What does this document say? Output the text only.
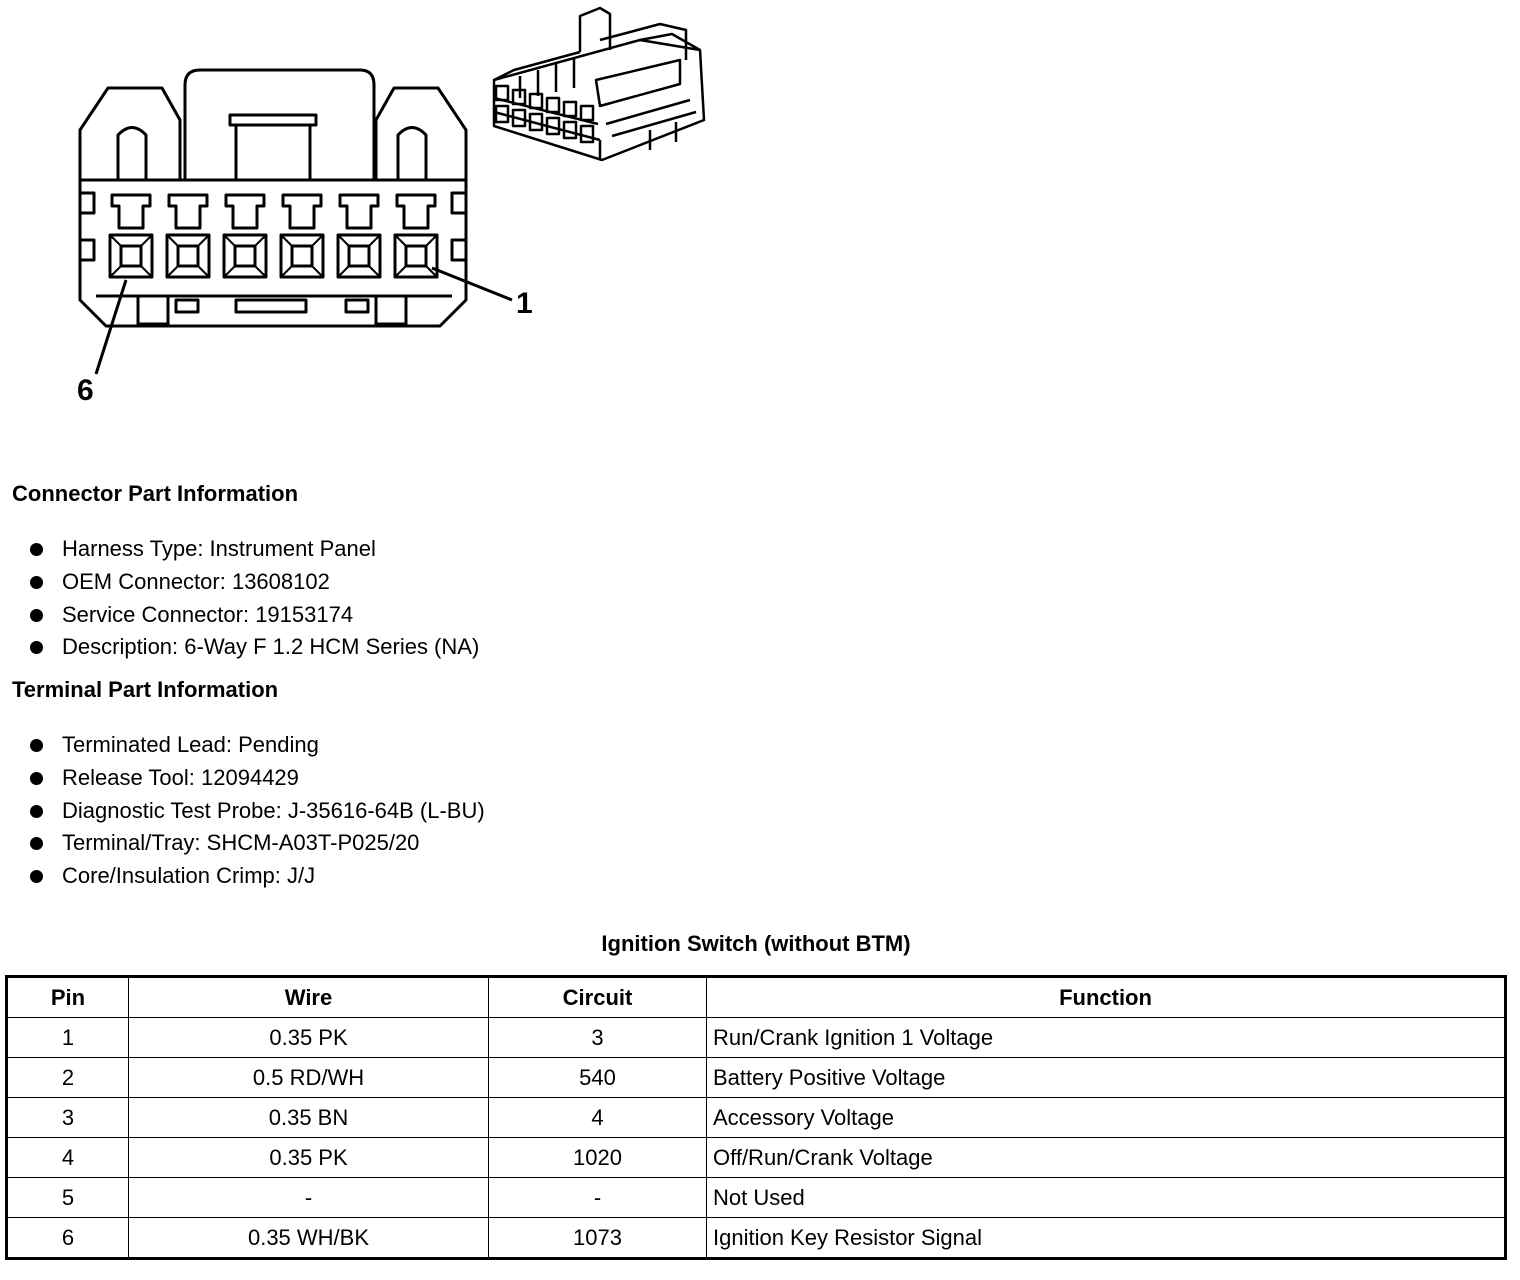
1
6
Connector Part Information
Harness Type: Instrument Panel
OEM Connector: 13608102
Service Connector: 19153174
Description: 6-Way F 1.2 HCM Series (NA)
Terminal Part Information
Terminated Lead: Pending
Release Tool: 12094429
Diagnostic Test Probe: J-35616-64B (L-BU)
Terminal/Tray: SHCM-A03T-P025/20
Core/Insulation Crimp: J/J
Ignition Switch (without BTM)
Pin	Wire	Circuit	Function
1	0.35 PK	3	Run/Crank Ignition 1 Voltage
2	0.5 RD/WH	540	Battery Positive Voltage
3	0.35 BN	4	Accessory Voltage
4	0.35 PK	1020	Off/Run/Crank Voltage
5	-	-	Not Used
6	0.35 WH/BK	1073	Ignition Key Resistor Signal
